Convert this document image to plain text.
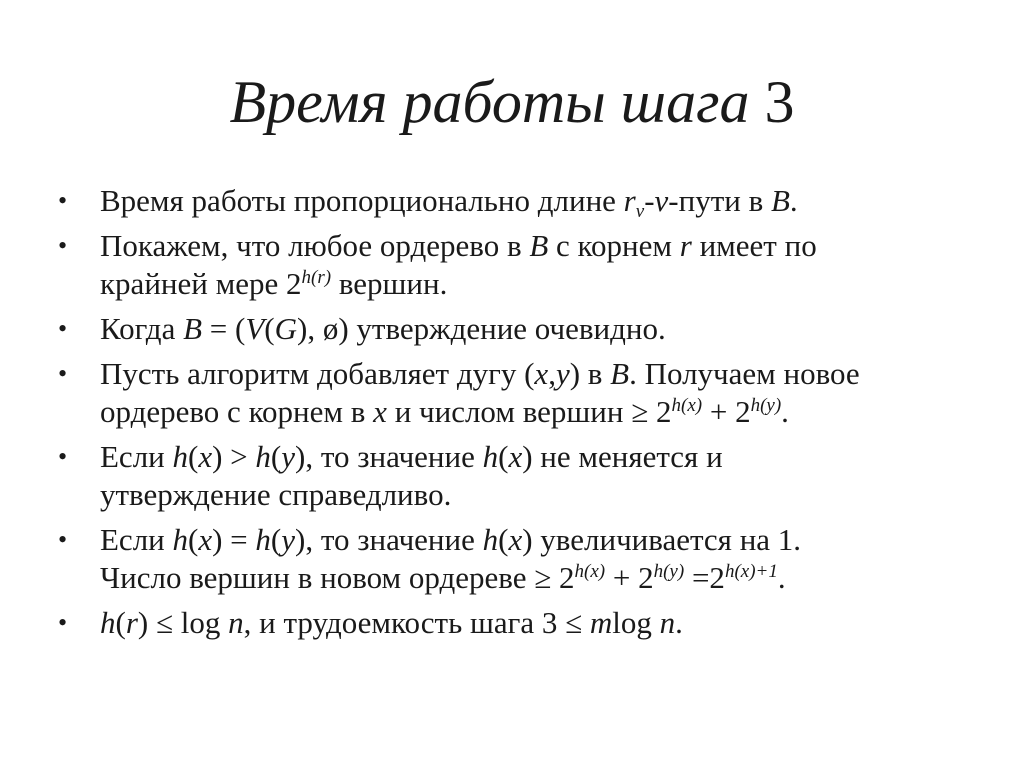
Время работы шага 3
• Время работы пропорционально длине $r_v-v$-пути в B.
• Покажем, что любое ордерево в B с корнем r имеет по
крайней мере $2^{h(r)}$ вершин.
• Когда B = (V(G), ø) утверждение очевидно.
• Пусть алгоритм добавляет дугу (x,y) в B. Получаем новое
ордерево с корнем в x и числом вершин ≥ $2^{h(x)} + 2^{h(y)}$.
• Если h(x) > h(y), то значение h(x) не меняется и
утверждение справедливо.
• Если h(x) = h(y), то значение h(x) увеличивается на 1.
Число вершин в новом ордереве ≥ $2^{h(x)} + 2^{h(y)} =2^{h(x)+1}$.
• h(r) ≤ log n, и трудоемкость шага 3 ≤ mlog n.
